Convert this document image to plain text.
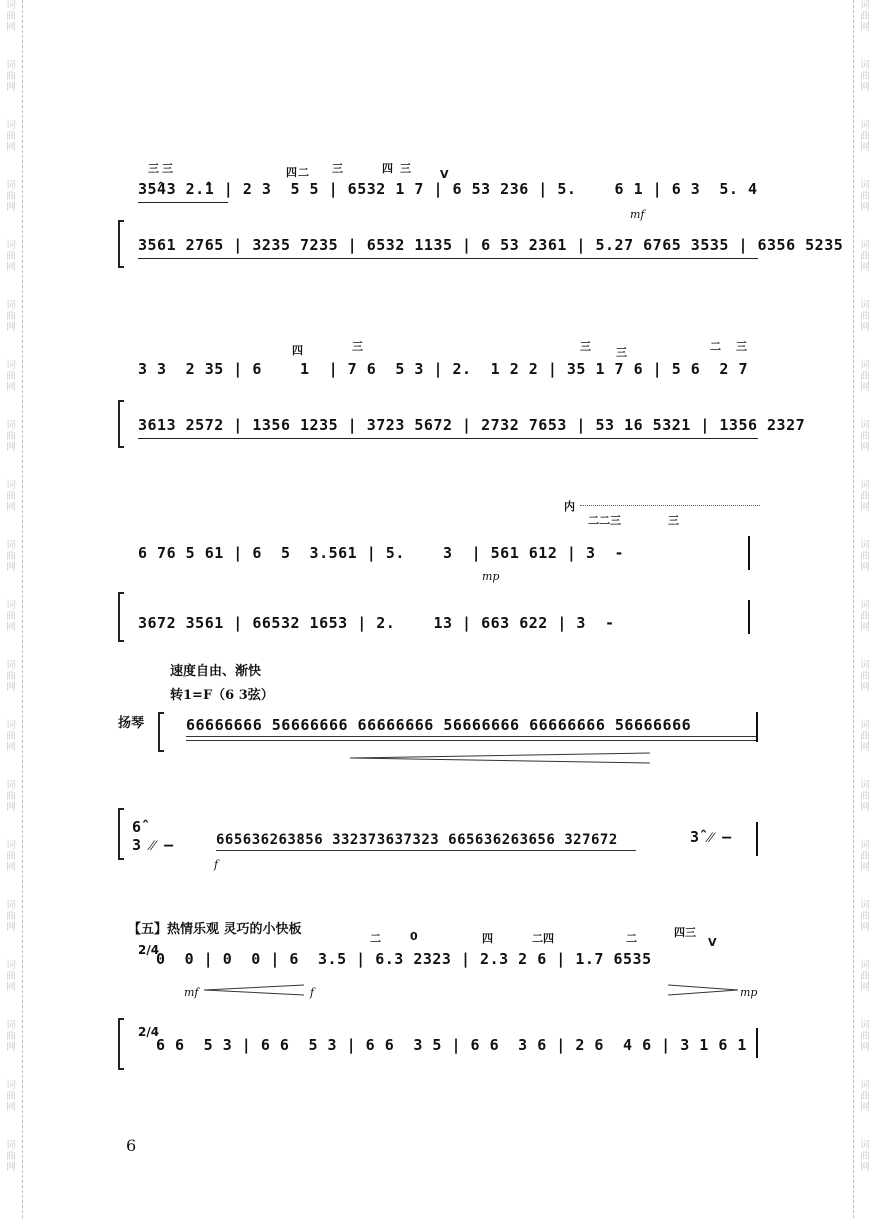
词
曲
网
词
曲
网
词
曲
网
词
曲
网
词
曲
网
词
曲
网
词
曲
网
词
曲
网
词
曲
网
词
曲
网
词
曲
网
词
曲
网
词
曲
网
词
曲
网
词
曲
网
词
曲
网
词
曲
网
词
曲
网
词
曲
网
词
曲
网
词
曲
网
词
曲
网
词
曲
网
词
曲
网
词
曲
网
词
曲
网
词
曲
网
词
曲
网
词
曲
网
词
曲
网
词
曲
网
词
曲
网
词
曲
网
词
曲
网
词
曲
网
词
曲
网
词
曲
网
词
曲
网
词
曲
网
词
曲
网
三 三	四 二 三	四 三	V
35̂43 2.̂1 | 2 3  5 5 | 6532 1 7 | 6 53 236 | 5.    6 1 | 6 3  5. 4
mf
3561 2765 | 3235 7235 | 6532 1135 | 6 53 2361 | 5.27 6765 3535 | 6356 5235
四	三	三 三	二 三
3 3  2 35 | 6    1  | 7 6  5 3 | 2.  1 2 2 | 35 1 7 6 | 5 6  2 7
3613 2572 | 1356 1235 | 3723 5672 | 2732 7653 | 53 16 5321 | 1356 2327
内
二二三	三
6 76 5 61 | 6  5  3.561 | 5.    3  | 561 612 | 3  -
mp
3672 3561 | 66532 1653 | 2.    13 | 663 622 | 3  -
速度自由、渐快
转1=F（6 3弦）
扬琴	66666666 56666666 66666666 56666666 66666666 56666666
6̂
3 ⁄⁄ –	665636263856 332373637323 665636263656 327672
f
3̂ ⁄⁄ –
【五】热情乐观 灵巧的小快板
二	0	四	二四	二	四三
V
2/4
0  0 | 0  0 | 6  3.5 | 6.3 2323 | 2.3 2 6 | 1.7 6535
mf	f	mp
2/4
6 6  5 3 | 6 6  5 3 | 6 6  3 5 | 6 6  3 6 | 2 6  4 6 | 3 1 6 1
6
